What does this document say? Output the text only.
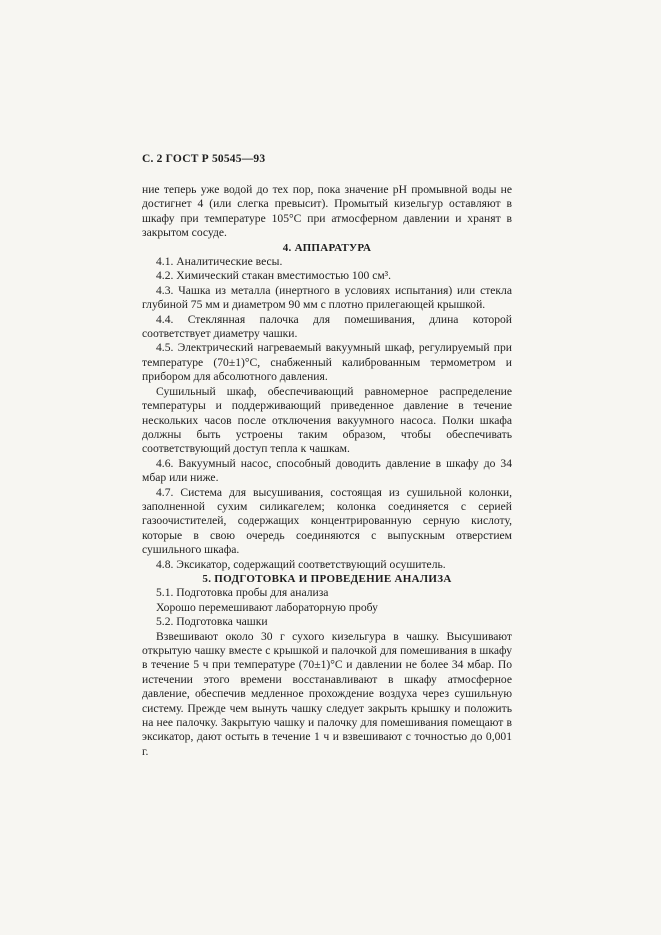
С. 2 ГОСТ Р 50545—93

ние теперь уже водой до тех пор, пока значение рН промывной воды не достигнет 4 (или слегка превысит). Промытый кизельгур оставляют в шкафу при температуре 105°С при атмосферном давлении и хранят в закрытом сосуде.

4. АППАРАТУРА

4.1. Аналитические весы.

4.2. Химический стакан вместимостью 100 см³.

4.3. Чашка из металла (инертного в условиях испытания) или стекла глубиной 75 мм и диаметром 90 мм с плотно прилегающей крышкой.

4.4. Стеклянная палочка для помешивания, длина которой соответствует диаметру чашки.

4.5. Электрический нагреваемый вакуумный шкаф, регулируемый при температуре (70±1)°С, снабженный калиброванным термометром и прибором для абсолютного давления.

Сушильный шкаф, обеспечивающий равномерное распределение температуры и поддерживающий приведенное давление в течение нескольких часов после отключения вакуумного насоса. Полки шкафа должны быть устроены таким образом, чтобы обеспечивать соответствующий доступ тепла к чашкам.

4.6. Вакуумный насос, способный доводить давление в шкафу до 34 мбар или ниже.

4.7. Система для высушивания, состоящая из сушильной колонки, заполненной сухим силикагелем; колонка соединяется с серией газоочистителей, содержащих концентрированную серную кислоту, которые в свою очередь соединяются с выпускным отверстием сушильного шкафа.

4.8. Эксикатор, содержащий соответствующий осушитель.

5. ПОДГОТОВКА И ПРОВЕДЕНИЕ АНАЛИЗА

5.1. Подготовка пробы для анализа

Хорошо перемешивают лабораторную пробу

5.2. Подготовка чашки

Взвешивают около 30 г сухого кизельгура в чашку. Высушивают открытую чашку вместе с крышкой и палочкой для помешивания в шкафу в течение 5 ч при температуре (70±1)°С и давлении не более 34 мбар. По истечении этого времени восстанавливают в шкафу атмосферное давление, обеспечив медленное прохождение воздуха через сушильную систему. Прежде чем вынуть чашку следует закрыть крышку и положить на нее палочку. Закрытую чашку и палочку для помешивания помещают в эксикатор, дают остыть в течение 1 ч и взвешивают с точностью до 0,001 г.
